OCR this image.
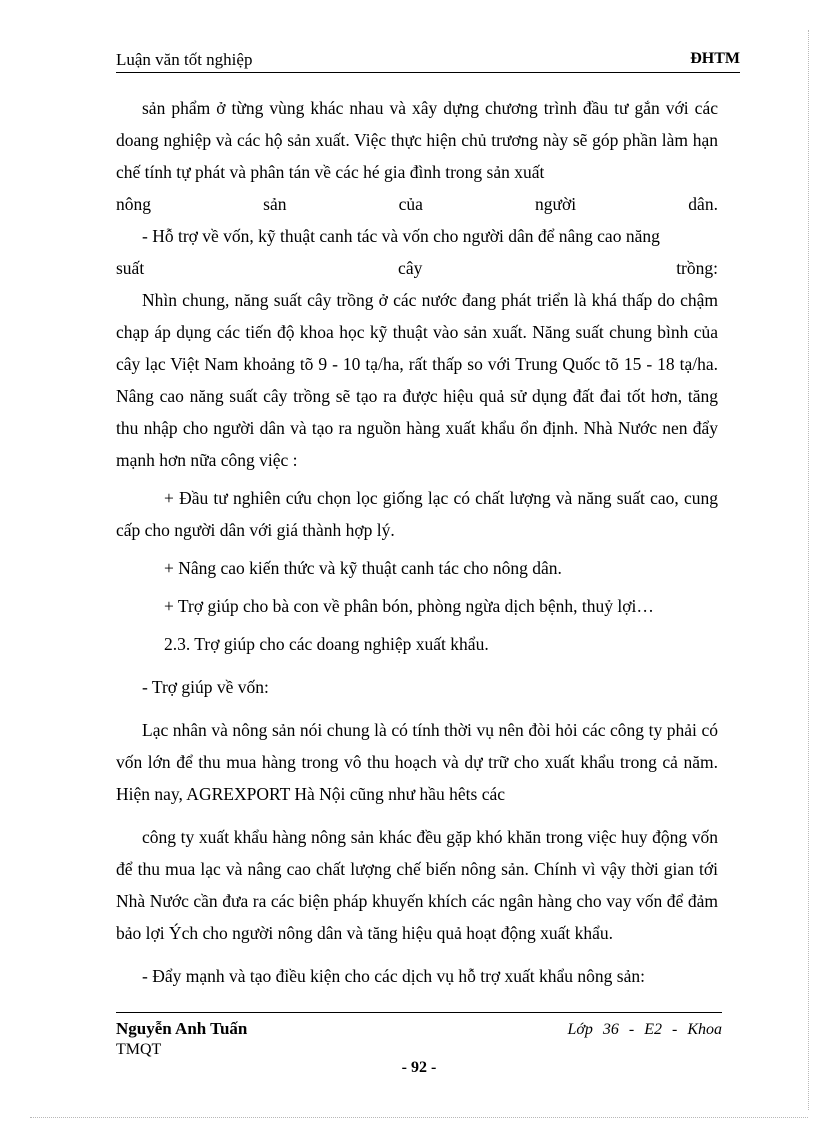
Luận văn tốt nghiệp	ĐHTM

sản phẩm ở từng vùng khác nhau và xây dựng chương trình đầu tư gắn với các doang nghiệp và các hộ sản xuất. Việc thực hiện chủ trương này sẽ góp phần làm hạn chế tính tự phát và phân tán về các hé gia đình trong sản xuất

nông	sản	của	người	dân.

- Hỗ trợ về vốn, kỹ thuật canh tác và vốn cho người dân để nâng cao năng

suất	cây	trồng:

Nhìn chung, năng suất cây trồng ở các nước đang phát triển là khá thấp do chậm chạp áp dụng các tiến độ khoa học kỹ thuật vào sản xuất. Năng suất chung bình của cây lạc Việt Nam khoảng tõ 9 - 10 tạ/ha, rất thấp so với Trung Quốc tõ 15 - 18 tạ/ha. Nâng cao năng suất cây trồng sẽ tạo ra được hiệu quả sử dụng đất đai tốt hơn, tăng thu nhập cho người dân và tạo ra nguồn hàng xuất khẩu ổn định. Nhà Nước nen đẩy mạnh hơn nữa công việc :

+ Đầu tư nghiên cứu chọn lọc giống lạc có chất lượng và năng suất cao, cung cấp cho người dân với giá thành hợp lý.

+ Nâng cao kiến thức và kỹ thuật canh tác cho nông dân.

+ Trợ giúp cho bà con về phân bón, phòng ngừa dịch bệnh, thuỷ lợi…

2.3. Trợ giúp cho các doang nghiệp xuất khẩu.

- Trợ giúp về vốn:

Lạc nhân và nông sản nói chung là có tính thời vụ nên đòi hỏi các công ty phải có vốn lớn để thu mua hàng trong vô thu hoạch và dự trữ cho xuất khẩu trong cả năm. Hiện nay, AGREXPORT Hà Nội cũng như hầu hêts các

công ty xuất khẩu hàng nông sản khác đều gặp khó khăn trong việc huy động vốn để thu mua lạc và nâng cao chất lượng chế biến nông sản. Chính vì vậy thời gian tới Nhà Nước cần đưa ra các biện pháp khuyến khích các ngân hàng cho vay vốn để đảm bảo lợi Ých cho người nông dân và tăng hiệu quả hoạt động xuất khẩu.

- Đẩy mạnh và tạo điều kiện cho các dịch vụ hỗ trợ xuất khẩu nông sản:

Nguyễn Anh Tuấn	Lớp 36 - E2 - Khoa
TMQT
- 92 -
